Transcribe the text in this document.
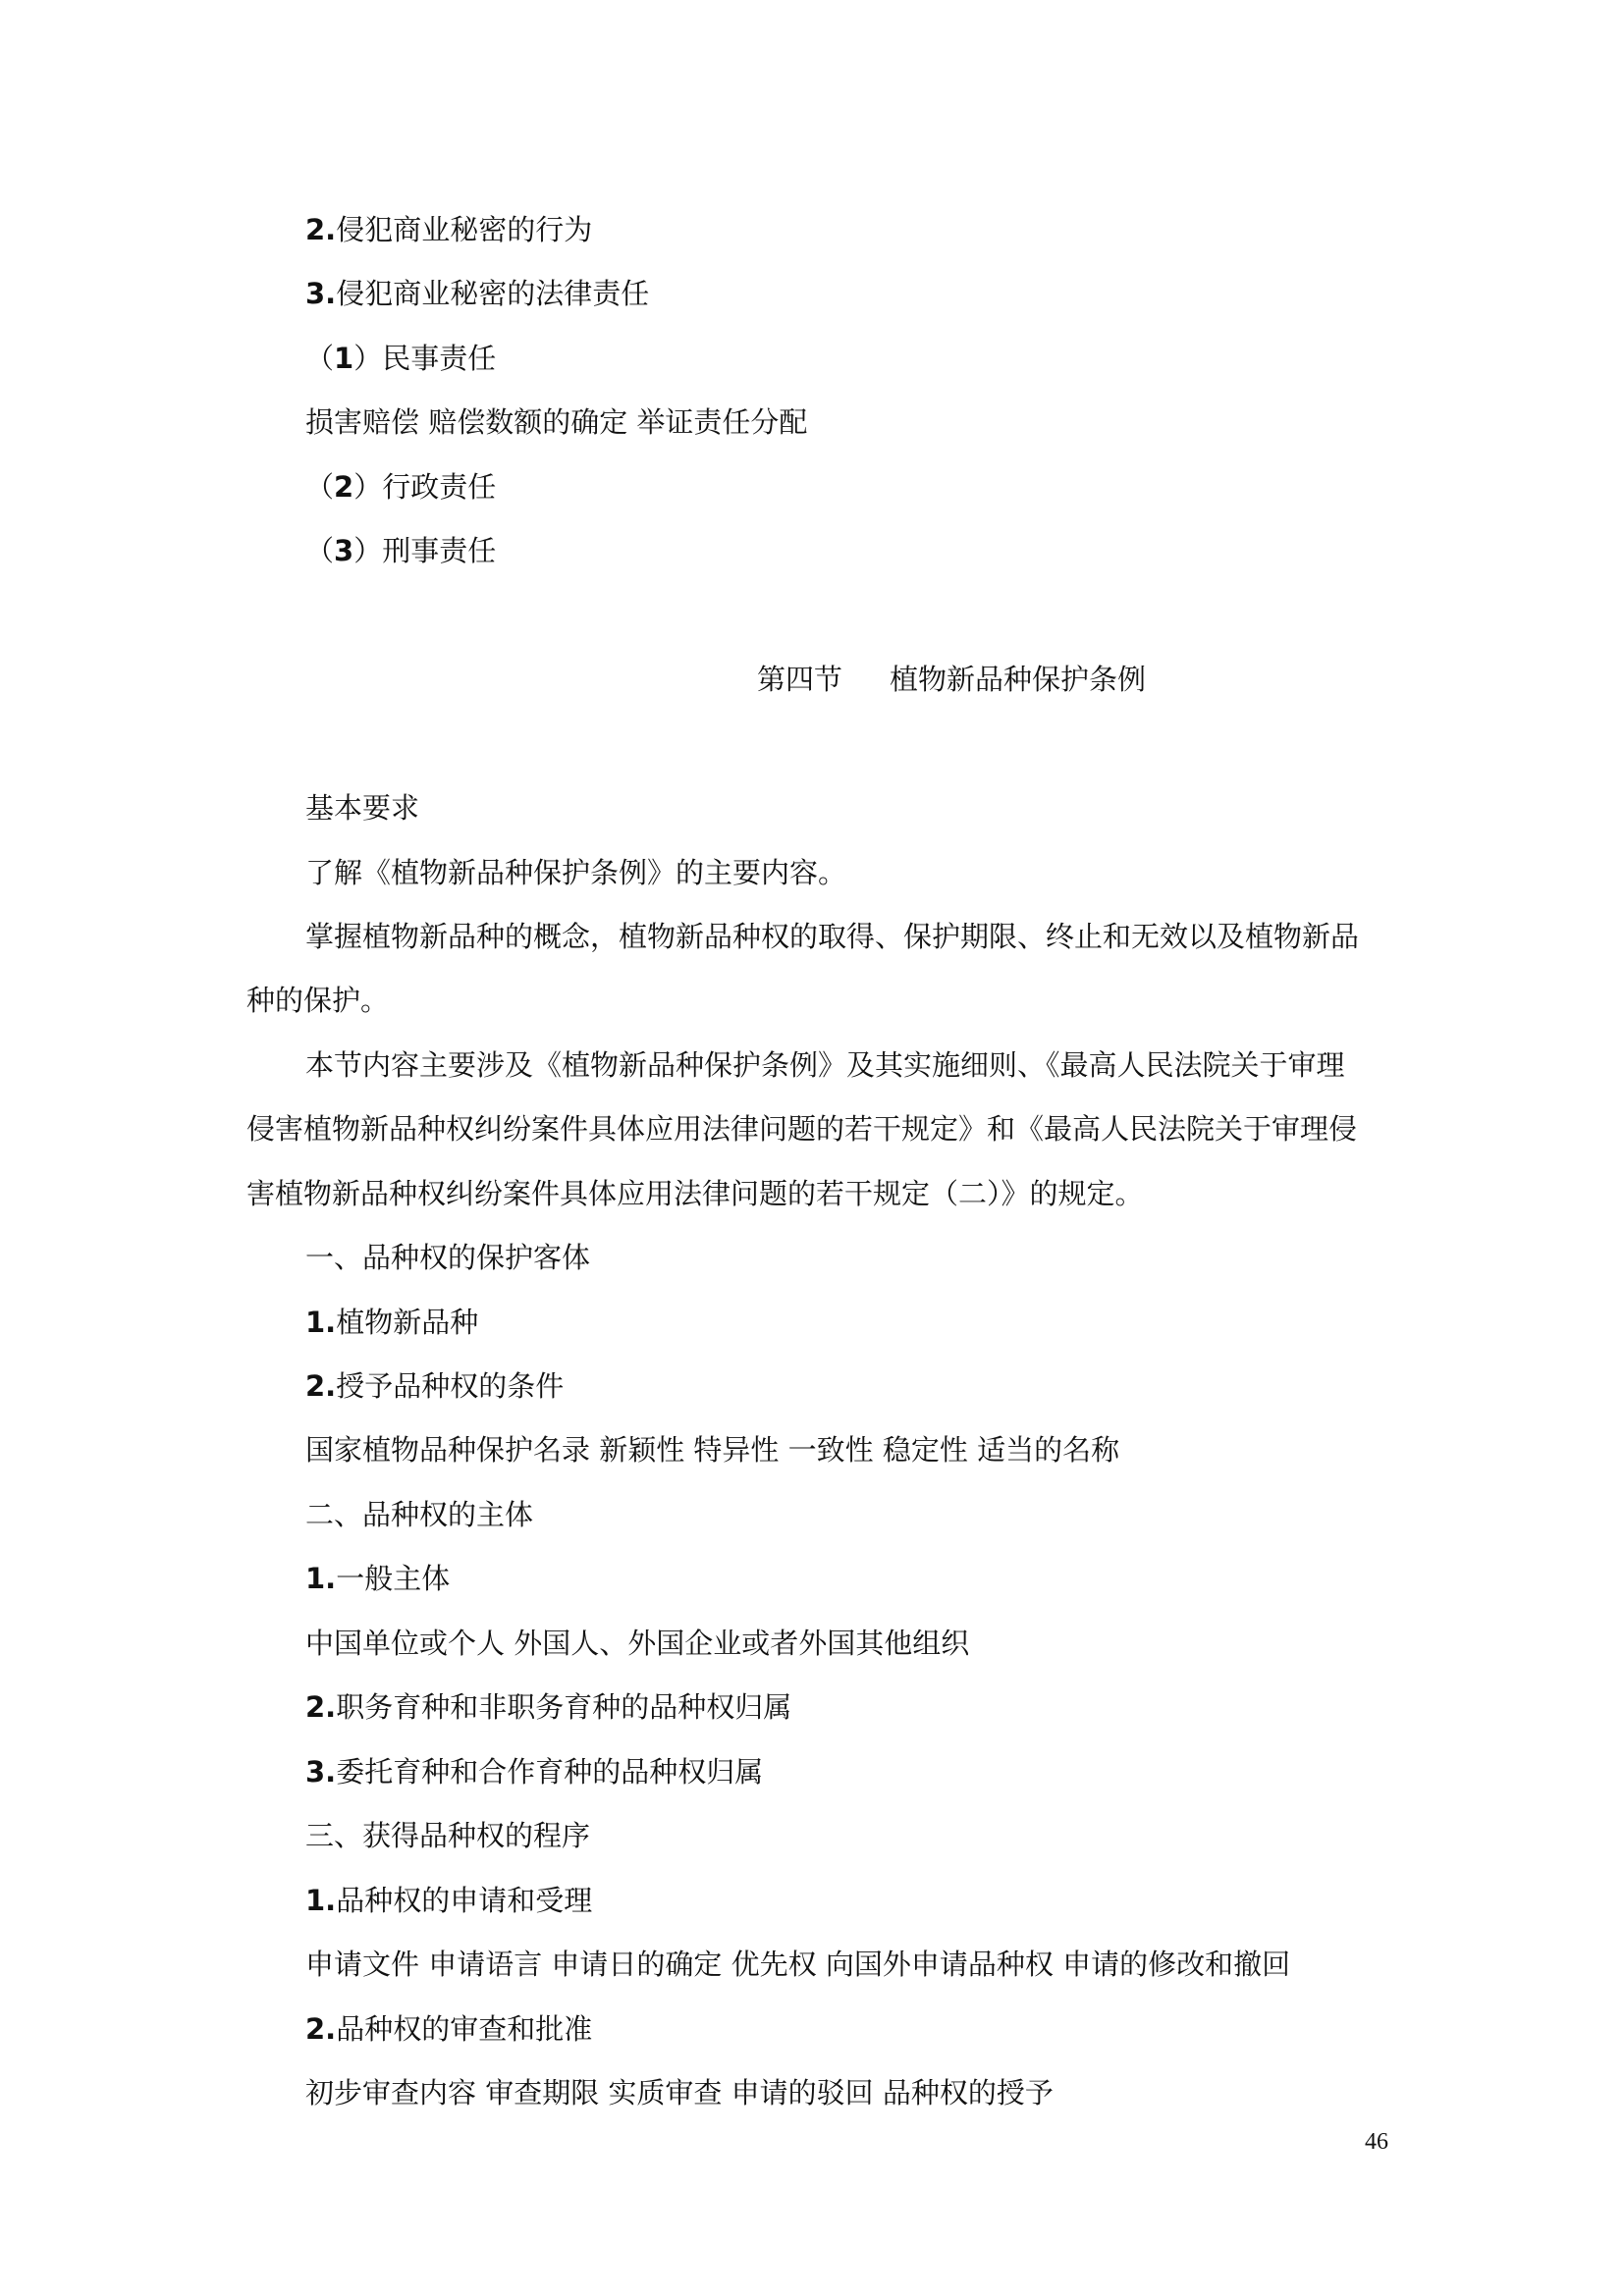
2.侵犯商业秘密的行为

3.侵犯商业秘密的法律责任

（1）民事责任

损害赔偿 赔偿数额的确定 举证责任分配

（2）行政责任

（3）刑事责任

第四节 植物新品种保护条例

基本要求

了解《植物新品种保护条例》的主要内容。

掌握植物新品种的概念，植物新品种权的取得、保护期限、终止和无效以及植物新品

种的保护。

本节内容主要涉及《植物新品种保护条例》及其实施细则、《最高人民法院关于审理

侵害植物新品种权纠纷案件具体应用法律问题的若干规定》和《最高人民法院关于审理侵

害植物新品种权纠纷案件具体应用法律问题的若干规定（二）》的规定。

一、品种权的保护客体

1.植物新品种

2.授予品种权的条件

国家植物品种保护名录 新颖性 特异性 一致性 稳定性 适当的名称

二、品种权的主体

1.一般主体

中国单位或个人 外国人、外国企业或者外国其他组织

2.职务育种和非职务育种的品种权归属

3.委托育种和合作育种的品种权归属

三、获得品种权的程序

1.品种权的申请和受理

申请文件 申请语言 申请日的确定 优先权 向国外申请品种权 申请的修改和撤回

2.品种权的审查和批准

初步审查内容 审查期限 实质审查 申请的驳回 品种权的授予

46
